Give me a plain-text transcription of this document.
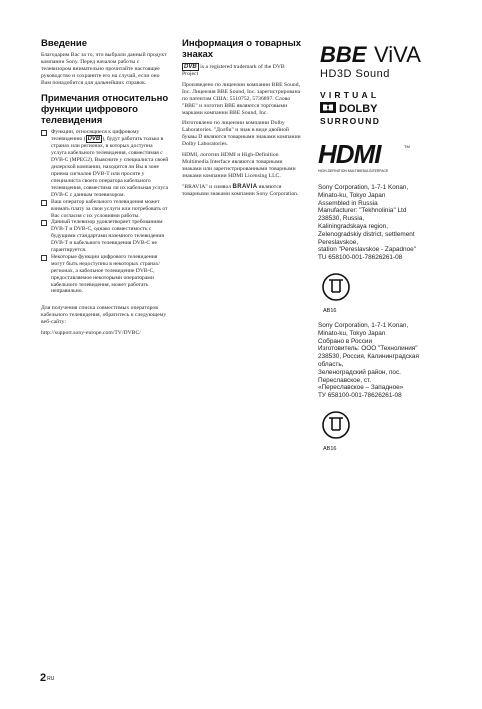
Введение

Благодарим Вас за то, что выбрали данный продукт компании Sony. Перед началом работы с телевизором внимательно прочитайте настоящее руководство и сохраните его на случай, если оно Вам понадобится для дальнейших справок.

Примечания относительно функции цифрового телевидения
Функции, относящиеся к цифровому телевидению ( DVB ), будут работать только в странах или регионах, в которых доступна услуга кабельного телевидения, совместимая с DVB-C (MPEG2). Выясните у специалиста своей дилерской компании, находится ли Вы в зоне приема сигналов DVB-T или просите у специалиста своего оператора кабельного телевидения, совместима ли их кабельная услуга DVB-C с данным телевизором.
Ваш оператор кабельного телевидения может взимать плату за свои услуги или потребовать от Вас согласия с их условиями работы.
Данный телевизор удовлетворяет требованиям DVB-T и DVB-C, однако совместимость с будущими стандартами наземного телевидения DVB-T и кабельного телевидения DVB-C не гарантируется.
Некоторые функции цифрового телевидения могут быть недоступны в некоторых странах/ регионах, а кабельное телевидение DVB-C, предоставляемое некоторыми операторами кабельного телевидения, может работать неправильно.

Для получения списка совместимых операторов кабельного телевидения, обратитесь к следующему веб-сайту:

http://support.sony-europe.com/TV/DVBC/

Информация о товарных знаках

DVB is a registered trademark of the DVB Project

Произведено по лицензии компании BBE Sound, Inc. Лицензия BBE Sound, Inc. зарегистрирована по патентам США: 5510752, 5736897. Слово "BBE" и логотип BBE являются торговыми марками компании BBE Sound, Inc.

Изготовлено по лицензии компании Dolby Laboratories. "Долби" и знак в виде двойной буквы D являются товарными знаками компании Dolby Laboratories.

HDMI, логотип HDMI и High-Definition Multimedia Interface являются товарными знаками или зарегистрированными товарными знаками компании HDMI Licensing LLC.

"BRAVIA" и символ BRAVIA являются товарными знаками компании Sony Corporation.

BBE ViVA
HD3D Sound
VIRTUAL
DOLBY
SURROUND
HDMI	TM
HIGH-DEFINITION MULTIMEDIA INTERFACE
Sony Corporation, 1-7-1 Konan,
Minato-ku, Tokyo Japan
Assembled in Russia
Manufacturer: "Tekhnolinia" Ltd
238530, Russia,
Kaliningradskaya region,
Zelenogradskiy district, settlement
Pereslavskoe,
station "Pereslavskoe - Zapadnoe"
TU 658100-001-78626261-08
AB16
Sony Corporation, 1-7-1 Konan,
Minato-ku, Tokyo Japan
Собрано в России
Изготовитель: ООО "Технолиния"
238530, Россия, Калининградская
область,
Зеленоградский район, пос.
Переславское, ст.
«Переславское – Западное»
ТУ 658100-001-78626261-08
AB16
2RU
